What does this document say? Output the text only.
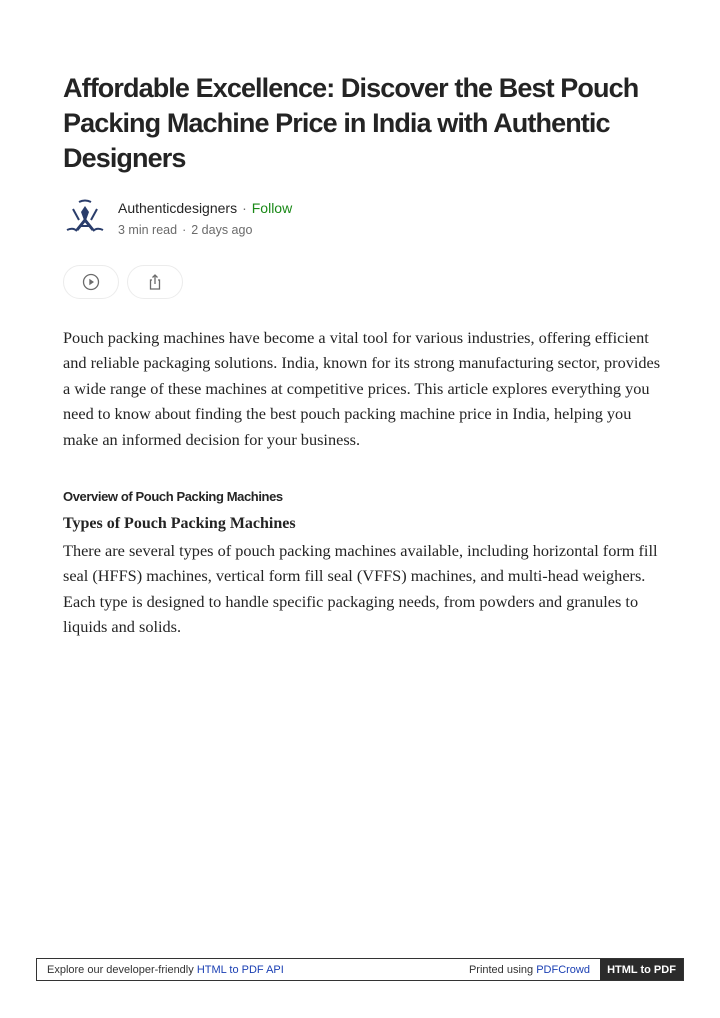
Affordable Excellence: Discover the Best Pouch Packing Machine Price in India with Authentic Designers
Authenticdesigners · Follow
3 min read · 2 days ago

Pouch packing machines have become a vital tool for various industries, offering efficient and reliable packaging solutions. India, known for its strong manufacturing sector, provides a wide range of these machines at competitive prices. This article explores everything you need to know about finding the best pouch packing machine price in India, helping you make an informed decision for your business.

Overview of Pouch Packing Machines
Types of Pouch Packing Machines

There are several types of pouch packing machines available, including horizontal form fill seal (HFFS) machines, vertical form fill seal (VFFS) machines, and multi-head weighers. Each type is designed to handle specific packaging needs, from powders and granules to liquids and solids.

Explore our developer-friendly HTML to PDF API	Printed using PDFCrowd	HTML to PDF
